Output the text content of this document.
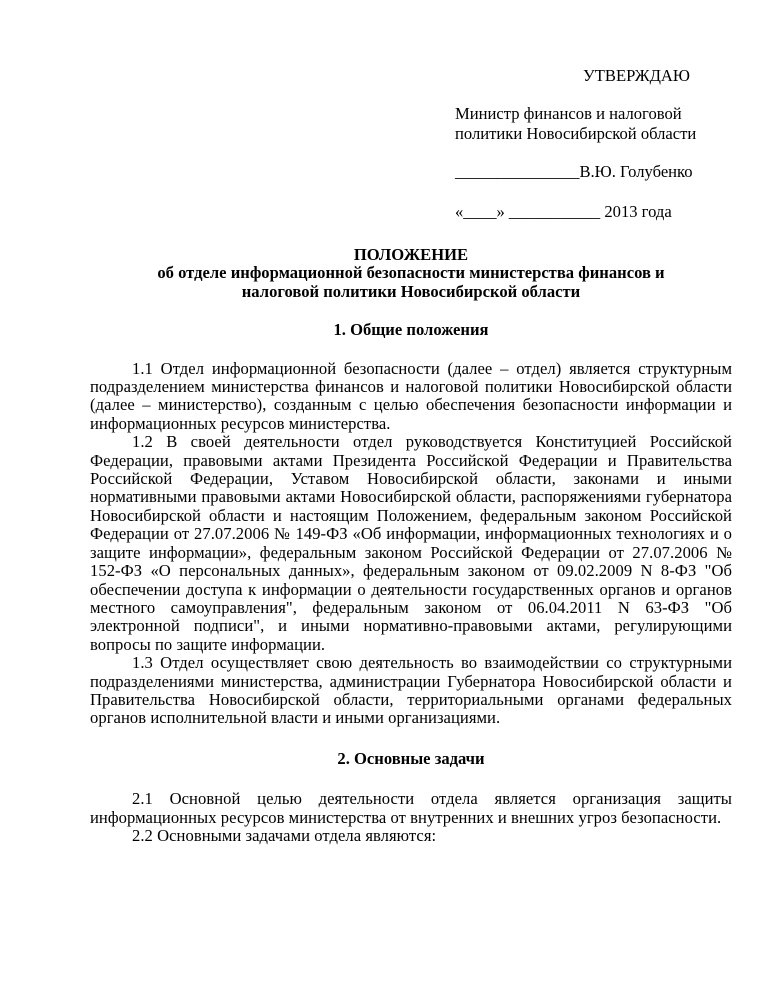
УТВЕРЖДАЮ
Министр финансов и налоговой
политики Новосибирской области
_______________В.Ю. Голубенко
«____» ___________ 2013 года
ПОЛОЖЕНИЕ
об отделе информационной безопасности министерства финансов и
налоговой политики Новосибирской области
1. Общие положения

1.1 Отдел информационной безопасности (далее – отдел) является структурным подразделением министерства финансов и налоговой политики Новосибирской области (далее – министерство), созданным с целью обеспечения безопасности информации и информационных ресурсов министерства.

1.2 В своей деятельности отдел руководствуется Конституцией Российской Федерации, правовыми актами Президента Российской Федерации и Правительства Российской Федерации, Уставом Новосибирской области, законами и иными нормативными правовыми актами Новосибирской области, распоряжениями губернатора Новосибирской области и настоящим Положением, федеральным законом Российской Федерации от 27.07.2006 № 149-ФЗ «Об информации, информационных технологиях и о защите информации», федеральным законом Российской Федерации от 27.07.2006 № 152-ФЗ «О персональных данных», федеральным законом от 09.02.2009 N 8-ФЗ "Об обеспечении доступа к информации о деятельности государственных органов и органов местного самоуправления", федеральным законом от 06.04.2011 N 63-ФЗ "Об электронной подписи", и иными нормативно-правовыми актами, регулирующими вопросы по защите информации.

1.3 Отдел осуществляет свою деятельность во взаимодействии со структурными подразделениями министерства, администрации Губернатора Новосибирской области и Правительства Новосибирской области, территориальными органами федеральных органов исполнительной власти и иными организациями.

2. Основные задачи

2.1 Основной целью деятельности отдела является организация защиты информационных ресурсов министерства от внутренних и внешних угроз безопасности.

2.2 Основными задачами отдела являются:
